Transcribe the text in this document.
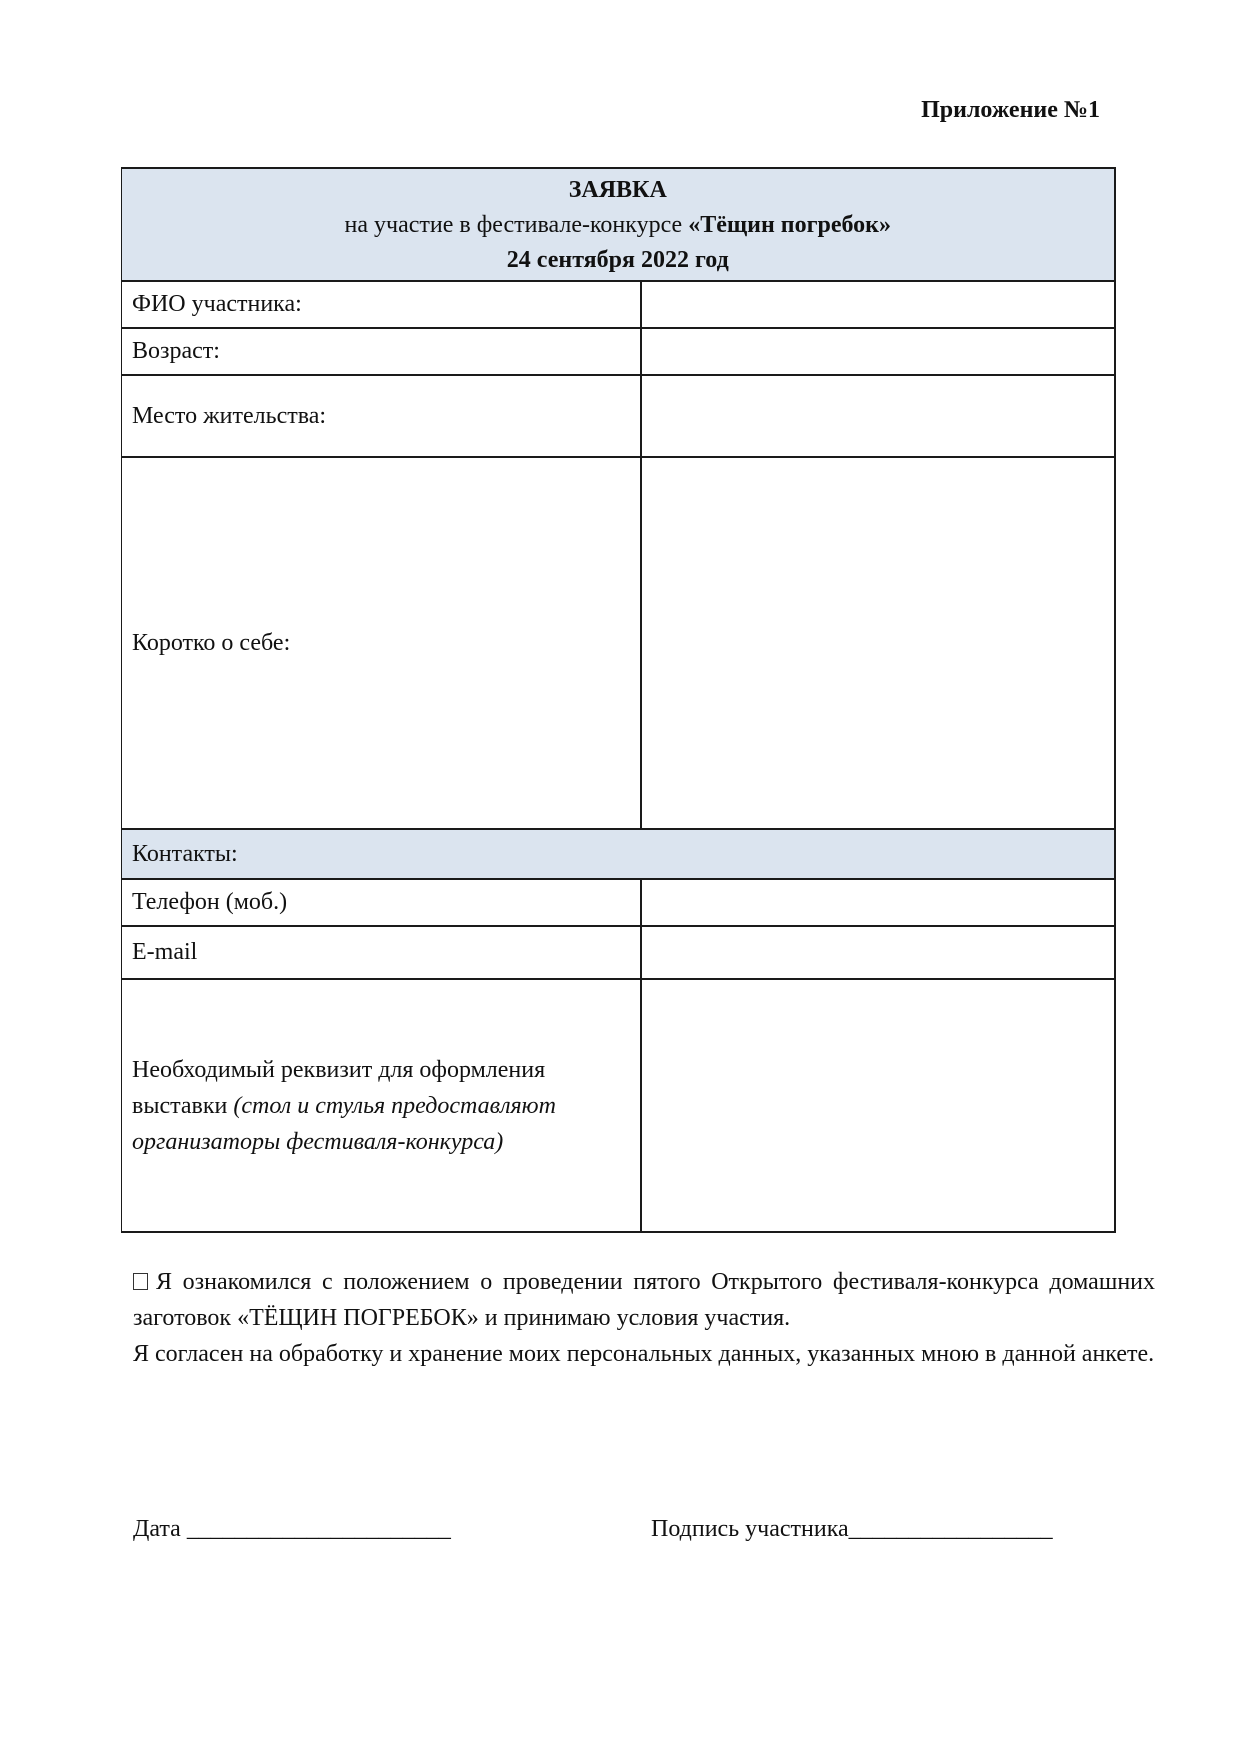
Приложение №1
ЗАЯВКА
на участие в фестивале-конкурсе «Тёщин погребок»
24 сентября 2022 год	

ФИО участника:	
Возраст:	
Место жительства:	
Коротко о себе:	
Контакты:	
Телефон (моб.)	
E-mail	
Необходимый реквизит для оформления выставки (стол и стулья предоставляют организаторы фестиваля-конкурса)	

Я ознакомился с положением о проведении пятого Открытого фестиваля-конкурса домашних заготовок «ТЁЩИН ПОГРЕБОК» и принимаю условия участия.

Я согласен на обработку и хранение моих персональных данных, указанных мною в данной анкете.

Дата ______________________	Подпись участника_________________
